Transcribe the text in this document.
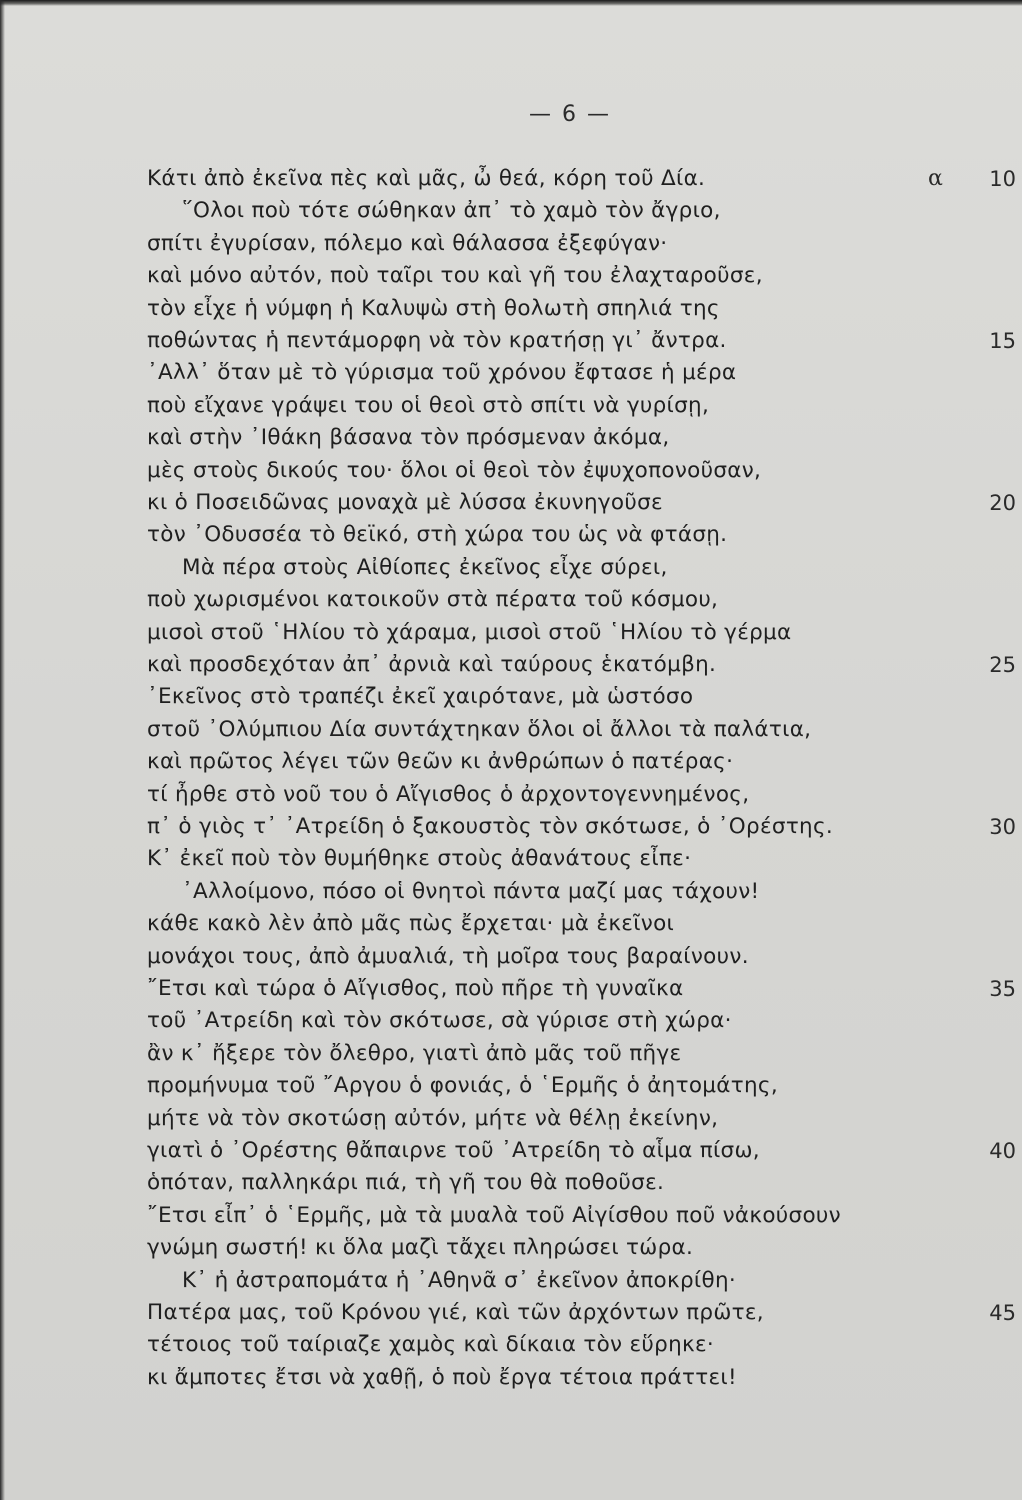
— 6 —
α
Κάτι ἀπὸ ἐκεῖνα πὲς καὶ μᾶς, ὦ θεά, κόρη τοῦ Δία.	10
῞Ολοι ποὺ τότε σώθηκαν ἀπ᾿ τὸ χαμὸ τὸν ἄγριο,
σπίτι ἐγυρίσαν, πόλεμο καὶ θάλασσα ἐξεφύγαν·
καὶ μόνο αὐτόν, ποὺ ταῖρι του καὶ γῆ του ἐλαχταροῦσε,
τὸν εἶχε ἡ νύμφη ἡ Καλυψὼ στὴ θολωτὴ σπηλιά της
ποθώντας ἡ πεντάμορφη νὰ τὸν κρατήσῃ γι᾿ ἄντρα.	15
᾿Αλλ᾿ ὅταν μὲ τὸ γύρισμα τοῦ χρόνου ἔφτασε ἡ μέρα
ποὺ εἴχανε γράψει του οἱ θεοὶ στὸ σπίτι νὰ γυρίσῃ,
καὶ στὴν ᾿Ιθάκη βάσανα τὸν πρόσμεναν ἀκόμα,
μὲς στοὺς δικούς του· ὅλοι οἱ θεοὶ τὸν ἐψυχοπονοῦσαν,
κι ὁ Ποσειδῶνας μοναχὰ μὲ λύσσα ἐκυνηγοῦσε	20
τὸν ᾿Οδυσσέα τὸ θεϊκό, στὴ χώρα του ὡς νὰ φτάσῃ.
Μὰ πέρα στοὺς Αἰθίοπες ἐκεῖνος εἶχε σύρει,
ποὺ χωρισμένοι κατοικοῦν στὰ πέρατα τοῦ κόσμου,
μισοὶ στοῦ ῾Ηλίου τὸ χάραμα, μισοὶ στοῦ ῾Ηλίου τὸ γέρμα
καὶ προσδεχόταν ἀπ᾿ ἀρνιὰ καὶ ταύρους ἑκατόμβη.	25
᾿Εκεῖνος στὸ τραπέζι ἐκεῖ χαιρότανε, μὰ ὡστόσο
στοῦ ᾿Ολύμπιου Δία συντάχτηκαν ὅλοι οἱ ἄλλοι τὰ παλάτια,
καὶ πρῶτος λέγει τῶν θεῶν κι ἀνθρώπων ὁ πατέρας·
τί ἦρθε στὸ νοῦ του ὁ Αἴγισθος ὁ ἀρχοντογεννημένος,
π᾿ ὁ γιὸς τ᾿ ᾿Ατρείδη ὁ ξακουστὸς τὸν σκότωσε, ὁ ᾿Ορέστης.	30
Κ᾿ ἐκεῖ ποὺ τὸν θυμήθηκε στοὺς ἀθανάτους εἶπε·
᾿Αλλοίμονο, πόσο οἱ θνητοὶ πάντα μαζί μας τάχουν!
κάθε κακὸ λὲν ἀπὸ μᾶς πὼς ἔρχεται· μὰ ἐκεῖνοι
μονάχοι τους, ἀπὸ ἀμυαλιά, τὴ μοῖρα τους βαραίνουν.
῎Ετσι καὶ τώρα ὁ Αἴγισθος, ποὺ πῆρε τὴ γυναῖκα	35
τοῦ ᾿Ατρείδη καὶ τὸν σκότωσε, σὰ γύρισε στὴ χώρα·
ἂν κ᾿ ἤξερε τὸν ὄλεθρο, γιατὶ ἀπὸ μᾶς τοῦ πῆγε
προμήνυμα τοῦ ῎Αργου ὁ φονιάς, ὁ ῾Ερμῆς ὁ ἀητομάτης,
μήτε νὰ τὸν σκοτώσῃ αὐτόν, μήτε νὰ θέλῃ ἐκείνην,
γιατὶ ὁ ᾿Ορέστης θἄπαιρνε τοῦ ᾿Ατρείδη τὸ αἷμα πίσω,	40
ὁπόταν, παλληκάρι πιά, τὴ γῆ του θὰ ποθοῦσε.
῎Ετσι εἶπ᾿ ὁ ῾Ερμῆς, μὰ τὰ μυαλὰ τοῦ Αἰγίσθου ποῦ νἀκούσουν
γνώμη σωστή! κι ὅλα μαζὶ τἄχει πληρώσει τώρα.
Κ᾿ ἡ ἀστραπομάτα ἡ ᾿Αθηνᾶ σ᾿ ἐκεῖνον ἀποκρίθη·
Πατέρα μας, τοῦ Κρόνου γιέ, καὶ τῶν ἀρχόντων πρῶτε,	45
τέτοιος τοῦ ταίριαζε χαμὸς καὶ δίκαια τὸν εὕρηκε·
κι ἄμποτες ἔτσι νὰ χαθῇ, ὁ ποὺ ἔργα τέτοια πράττει!
